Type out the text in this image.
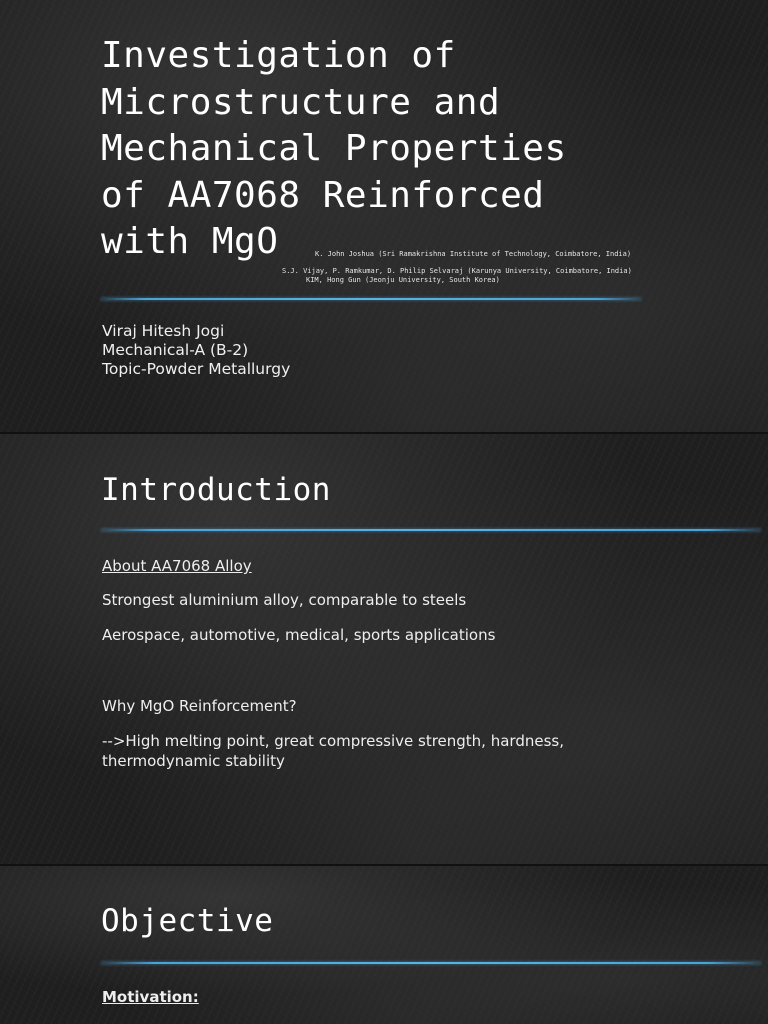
Investigation of Microstructure and Mechanical Properties of AA7068 Reinforced with MgO	K. John Joshua (Sri Ramakrishna Institute of Technology, Coimbatore, India)
S.J. Vijay, P. Ramkumar, D. Philip Selvaraj (Karunya University, Coimbatore, India)
KIM, Hong Gun (Jeonju University, South Korea)
Viraj Hitesh Jogi
Mechanical-A (B-2)
Topic-Powder Metallurgy
Introduction

About AA7068 Alloy

Strongest aluminium alloy, comparable to steels

Aerospace, automotive, medical, sports applications

Why MgO Reinforcement?

-->High melting point, great compressive strength, hardness, thermodynamic stability

Objective

Motivation:
